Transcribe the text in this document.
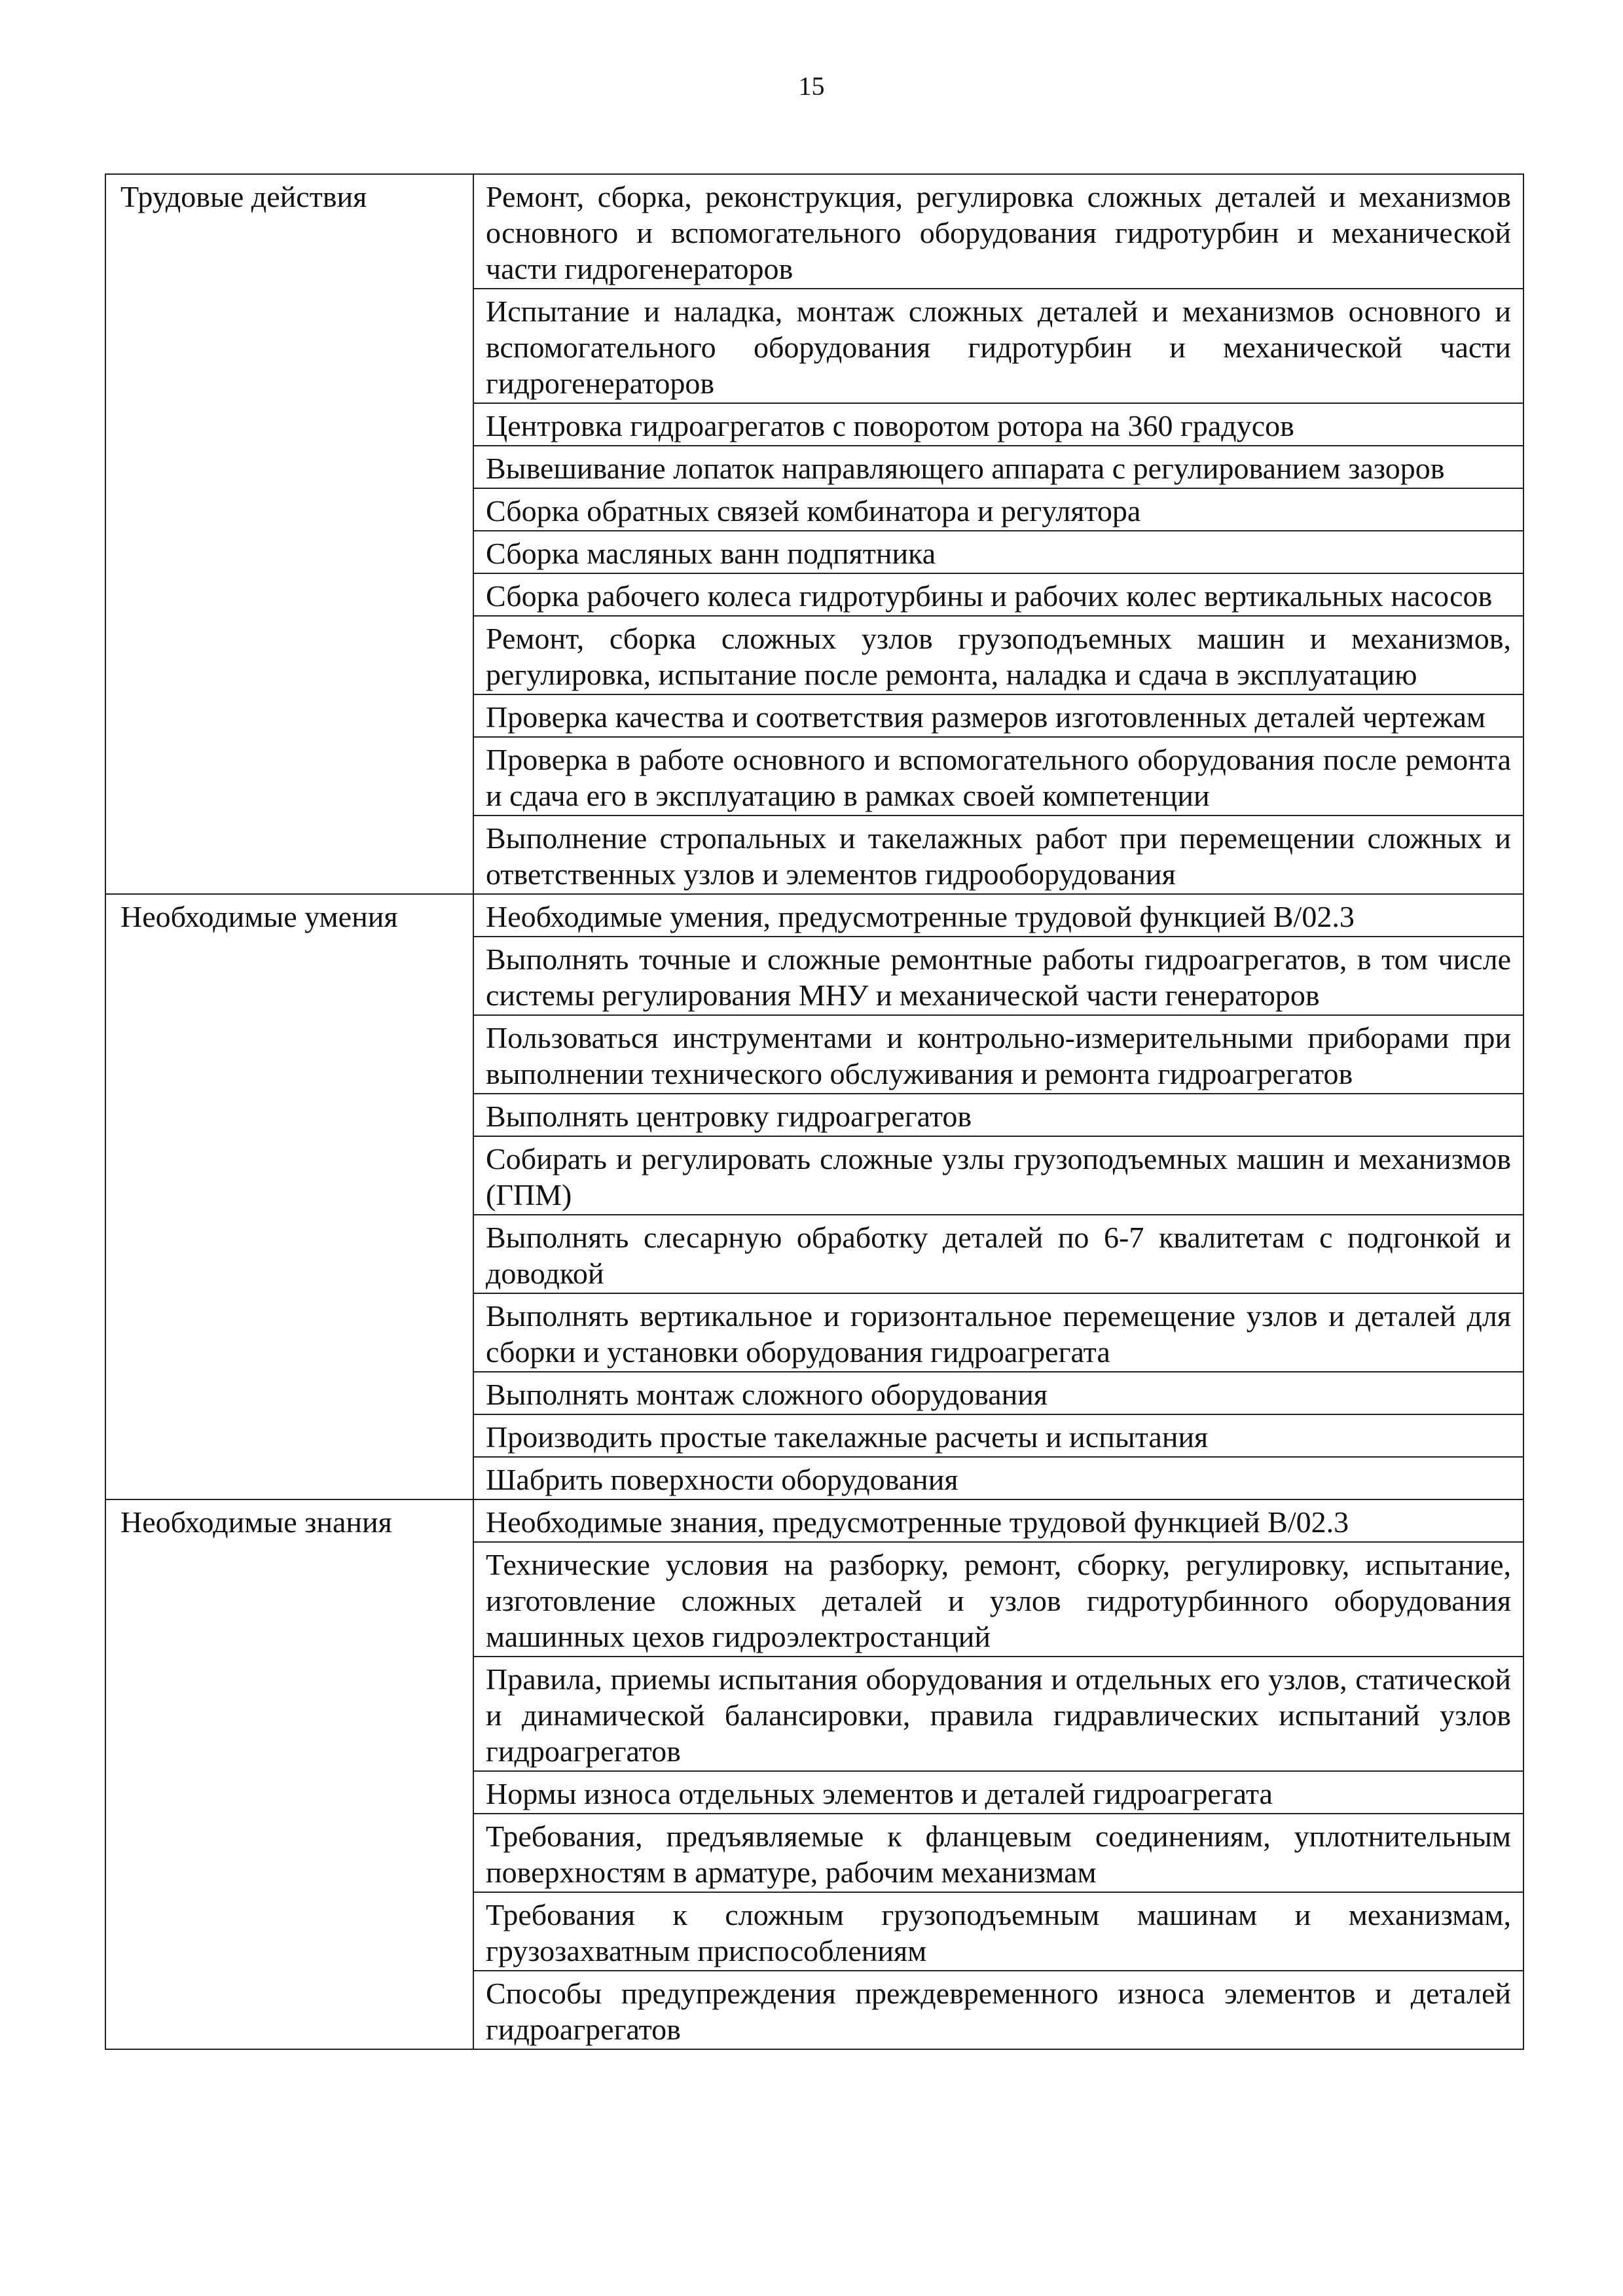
15
Трудовые действия	Ремонт, сборка, реконструкция, регулировка сложных деталей и механизмов основного и вспомогательного оборудования гидротурбин и механической части гидрогенераторов
	Испытание и наладка, монтаж сложных деталей и механизмов основного и вспомогательного оборудования гидротурбин и механической части гидрогенераторов
	Центровка гидроагрегатов с поворотом ротора на 360 градусов
	Вывешивание лопаток направляющего аппарата с регулированием зазоров
	Сборка обратных связей комбинатора и регулятора
	Сборка масляных ванн подпятника
	Сборка рабочего колеса гидротурбины и рабочих колес вертикальных насосов
	Ремонт, сборка сложных узлов грузоподъемных машин и механизмов, регулировка, испытание после ремонта, наладка и сдача в эксплуатацию
	Проверка качества и соответствия размеров изготовленных деталей чертежам
	Проверка в работе основного и вспомогательного оборудования после ремонта и сдача его в эксплуатацию в рамках своей компетенции
	Выполнение стропальных и такелажных работ при перемещении сложных и ответственных узлов и элементов гидрооборудования
Необходимые умения	Необходимые умения, предусмотренные трудовой функцией В/02.3
	Выполнять точные и сложные ремонтные работы гидроагрегатов, в том числе системы регулирования МНУ и механической части генераторов
	Пользоваться инструментами и контрольно-измерительными приборами при выполнении технического обслуживания и ремонта гидроагрегатов
	Выполнять центровку гидроагрегатов
	Собирать и регулировать сложные узлы грузоподъемных машин и механизмов (ГПМ)
	Выполнять слесарную обработку деталей по 6-7 квалитетам с подгонкой и доводкой
	Выполнять вертикальное и горизонтальное перемещение узлов и деталей для сборки и установки оборудования гидроагрегата
	Выполнять монтаж сложного оборудования
	Производить простые такелажные расчеты и испытания
	Шабрить поверхности оборудования
Необходимые знания	Необходимые знания, предусмотренные трудовой функцией В/02.3
	Технические условия на разборку, ремонт, сборку, регулировку, испытание, изготовление сложных деталей и узлов гидротурбинного оборудования машинных цехов гидроэлектростанций
	Правила, приемы испытания оборудования и отдельных его узлов, статической и динамической балансировки, правила гидравлических испытаний узлов гидроагрегатов
	Нормы износа отдельных элементов и деталей гидроагрегата
	Требования, предъявляемые к фланцевым соединениям, уплотнительным поверхностям в арматуре, рабочим механизмам
	Требования к сложным грузоподъемным машинам и механизмам, грузозахватным приспособлениям
	Способы предупреждения преждевременного износа элементов и деталей гидроагрегатов
